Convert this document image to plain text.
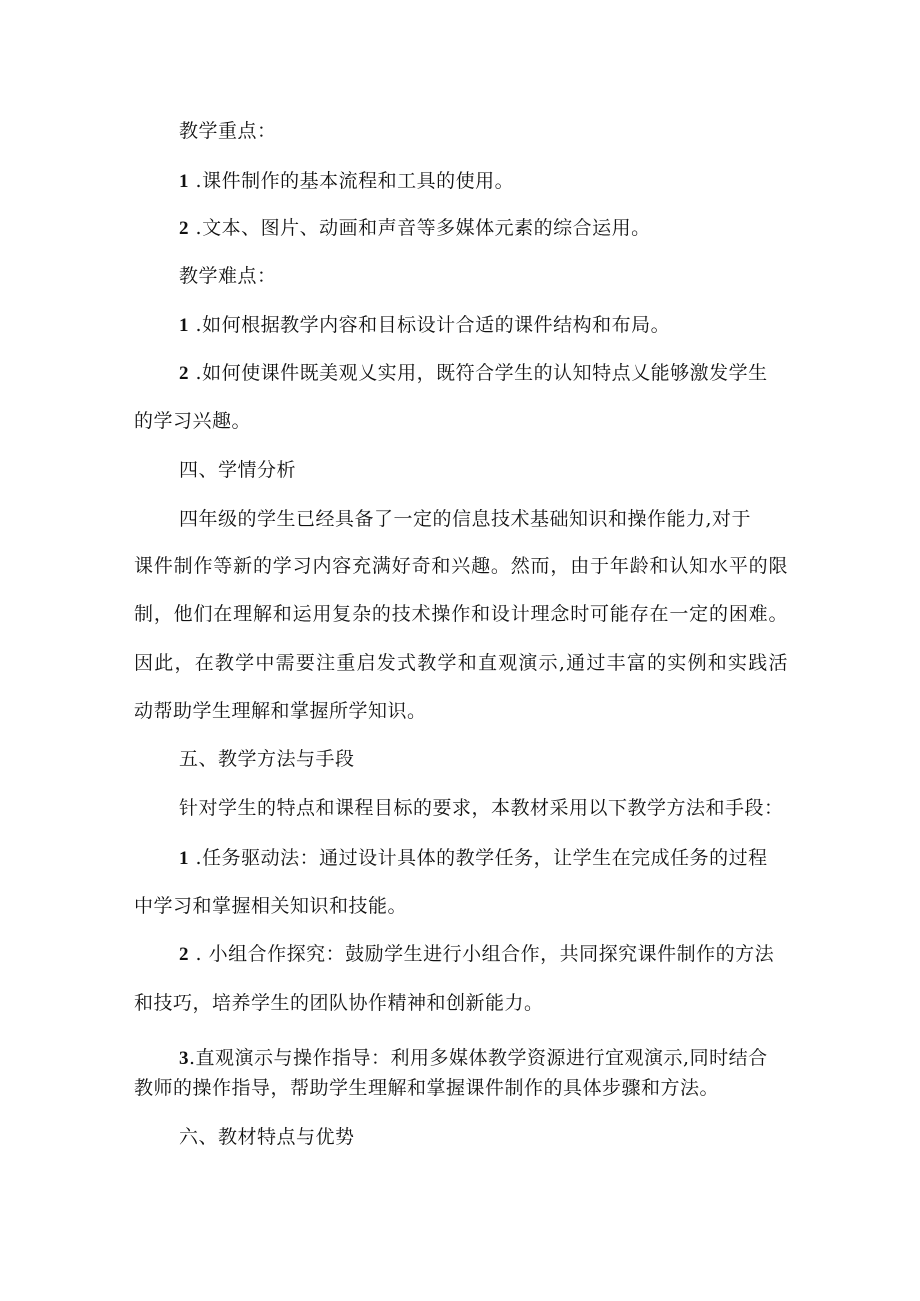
教学重点：
1 .课件制作的基本流程和工具的使用。
2 .文本、图片、动画和声音等多媒体元素的综合运用。
教学难点：
1 .如何根据教学内容和目标设计合适的课件结构和布局。
2 .如何使课件既美观乂实用，既符合学生的认知特点乂能够激发学生
的学习兴趣。
四、学情分析
四年级的学生已经具备了一定的信息技术基础知识和操作能力,对于
课件制作等新的学习内容充满好奇和兴趣。然而，由于年龄和认知水平的限
制，他们在理解和运用复杂的技术操作和设计理念时可能存在一定的困难。
因此，在教学中需要注重启发式教学和直观演示,通过丰富的实例和实践活
动帮助学生理解和掌握所学知识。
五、教学方法与手段
针对学生的特点和课程目标的要求，本教材采用以下教学方法和手段：
1 .任务驱动法：通过设计具体的教学任务，让学生在完成任务的过程
中学习和掌握相关知识和技能。
2 . 小组合作探究：鼓励学生进行小组合作，共同探究课件制作的方法
和技巧，培养学生的团队协作精神和创新能力。
3.直观演示与操作指导：利用多媒体教学资源进行宜观演示,同时结合
教师的操作指导，帮助学生理解和掌握课件制作的具体步骤和方法。
六、教材特点与优势
